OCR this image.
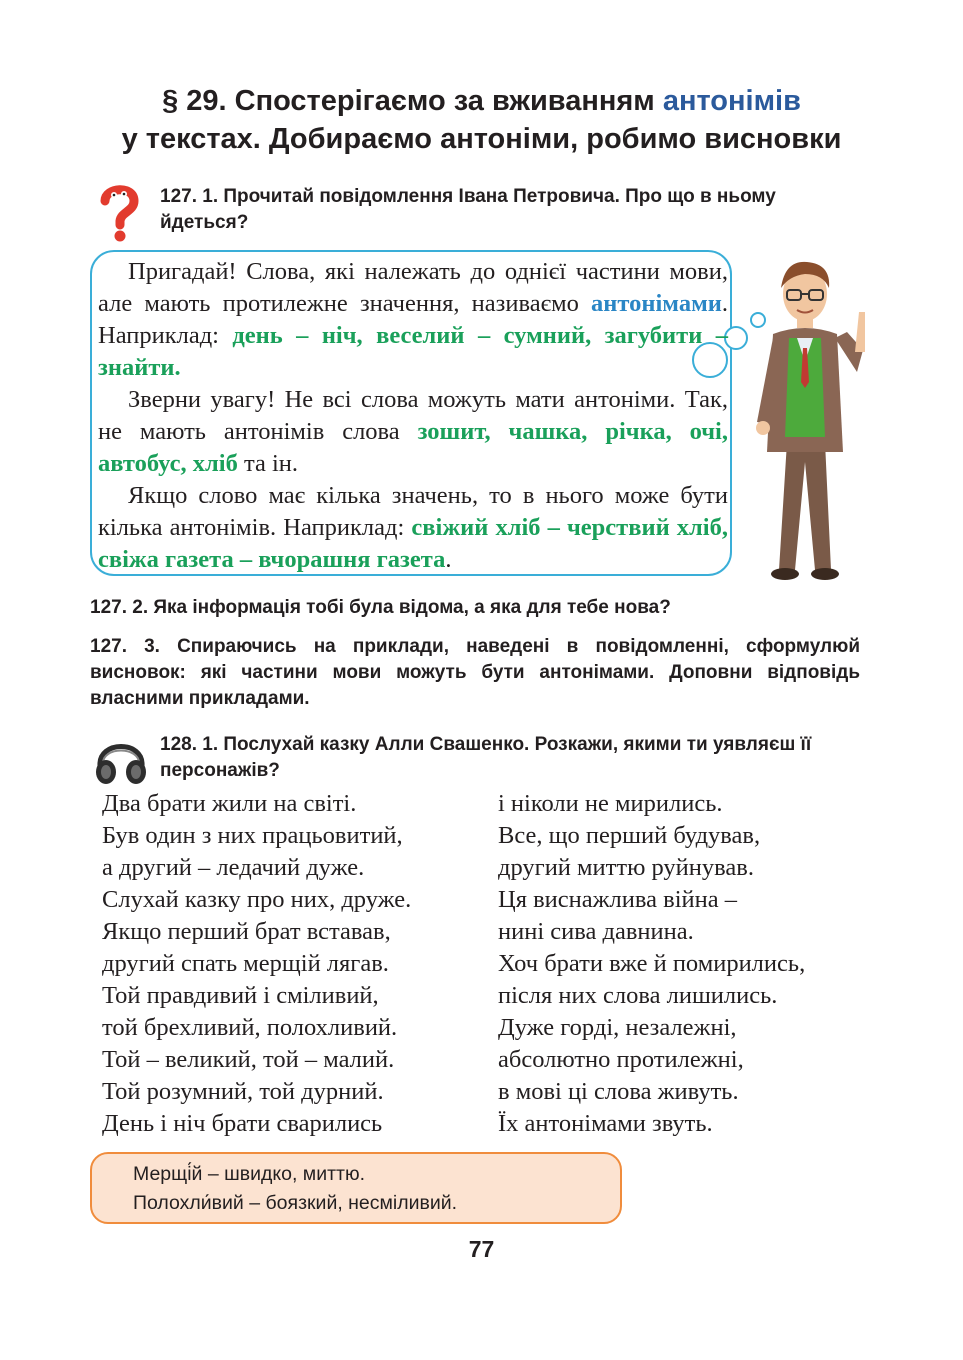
§ 29. Спостерігаємо за вживанням антонімів
у текстах. Добираємо антоніми, робимо висновки
127. 1. Прочитай повідомлення Івана Петровича. Про що в ньому йдеться?

Пригадай! Слова, які належать до однієї частини мови, але мають протилежне значення, називаємо антонімами. Наприклад: день – ніч, веселий – сумний, загубити – знайти.

Зверни увагу! Не всі слова можуть мати антоніми. Так, не мають антонімів слова зошит, чашка, річка, очі, автобус, хліб та ін.

Якщо слово має кілька значень, то в нього може бути кілька антонімів. Наприклад: свіжий хліб – черствий хліб, свіжа газета – вчорашня газета.

127. 2. Яка інформація тобі була відома, а яка для тебе нова?
127. 3. Спираючись на приклади, наведені в повідомленні, сформулюй висновок: які частини мови можуть бути антонімами. Доповни відповідь власними прикладами.
128. 1. Послухай казку Алли Свашенко. Розкажи, якими ти уявляєш її персонажів?
Два брати жили на світі.
Був один з них працьовитий,
а другий – ледачий дуже.
Слухай казку про них, друже.
Якщо перший брат вставав,
другий спать мерщій лягав.
Той правдивий і сміливий,
той брехливий, полохливий.
Той – великий, той – малий.
Той розумний, той дурний.
День і ніч брати сварились
і ніколи не мирились.
Все, що перший будував,
другий миттю руйнував.
Ця виснажлива війна –
нині сива давнина.
Хоч брати вже й помирились,
після них слова лишились.
Дуже горді, незалежні,
абсолютно протилежні,
в мові ці слова живуть.
Їх антонімами звуть.
Мерщі́й – швидко, миттю.
Полохли́вий – боязкий, несміливий.
77
